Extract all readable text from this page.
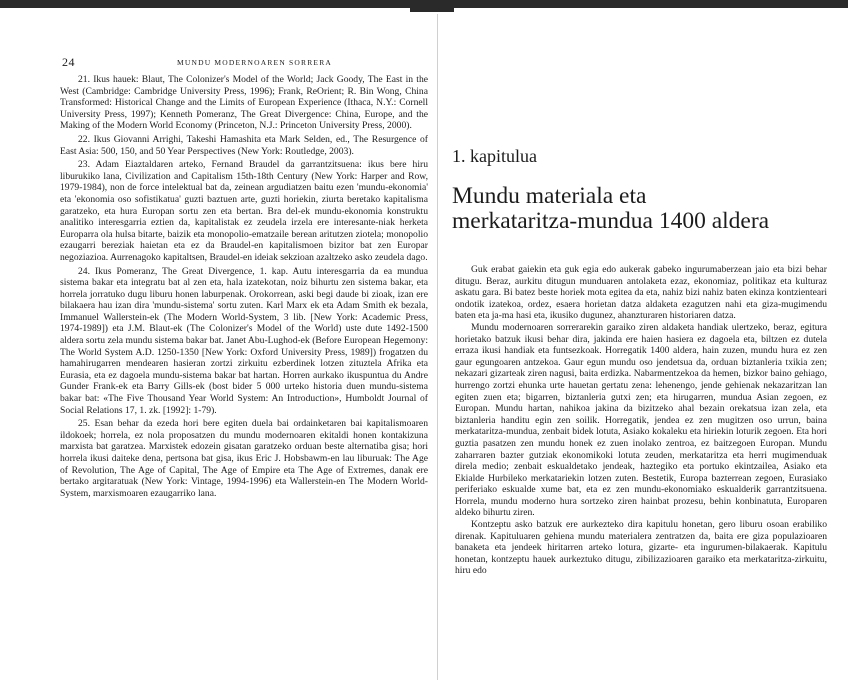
24	MUNDU MODERNOAREN SORRERA

21. Ikus hauek: Blaut, The Colonizer's Model of the World; Jack Goody, The East in the West (Cambridge: Cambridge University Press, 1996); Frank, ReOrient; R. Bin Wong, China Transformed: Historical Change and the Limits of European Experience (Ithaca, N.Y.: Cornell University Press, 1997); Kenneth Pomeranz, The Great Divergence: China, Europe, and the Making of the Modern World Economy (Princeton, N.J.: Princeton University Press, 2000).

22. Ikus Giovanni Arrighi, Takeshi Hamashita eta Mark Selden, ed., The Resurgence of East Asia: 500, 150, and 50 Year Perspectives (New York: Routledge, 2003).

23. Adam Eiaztaldaren arteko, Fernand Braudel da garrantzitsuena: ikus bere hiru liburukiko lana, Civilization and Capitalism 15th-18th Century (New York: Harper and Row, 1979-1984), non de force intelektual bat da, zeinean argudiatzen baitu ezen 'mundu-ekonomia' eta 'ekonomia oso sofistikatua' guzti baztuen arte, guzti horiekin, ziurta beretako kapitalisma garatzeko, eta hura Europan sortu zen eta bertan. Bra del-ek mundu-ekonomia konstruktu analitiko interesgarria eztien da, kapitalistak ez zeudela irzela ere interesante-niak herketa Europarra ola hulsa bitarte, baizik eta monopolio-ematzaile berean aritutzen ziotela; monopolio ezaugarri bereziak haietan eta ez da Braudel-en kapitalismoen bizitor bat zen Europar negoziazioa. Aurrenagoko kapitaltsen, Braudel-en ideiak sekzioan azaltzeko asko zeudela dago.

24. Ikus Pomeranz, The Great Divergence, 1. kap. Autu interesgarria da ea mundua sistema bakar eta integratu bat al zen eta, hala izatekotan, noiz bihurtu zen sistema bakar, eta horrela jorratuko dugu liburu honen laburpenak. Orokorrean, aski begi daude bi zioak, izan ere bilakaera hau izan dira 'mundu-sistema' sortu zuten. Karl Marx ek eta Adam Smith ek bezala, Immanuel Wallerstein-ek (The Modern World-System, 3 lib. [New York: Academic Press, 1974-1989]) eta J.M. Blaut-ek (The Colonizer's Model of the World) uste dute 1492-1500 aldera sortu zela mundu sistema bakar bat. Janet Abu-Lughod-ek (Before European Hegemony: The World System A.D. 1250-1350 [New York: Oxford University Press, 1989]) frogatzen du hamahirugarren mendearen hasieran zortzi zirkuitu ezberdinek lotzen zituztela Afrika eta Eurasia, eta ez dagoela mundu-sistema bakar bat hartan. Horren aurkako ikuspuntua du Andre Gunder Frank-ek eta Barry Gills-ek (bost bider 5 000 urteko historia duen mundu-sistema bakar bat: «The Five Thousand Year World System: An Introduction», Humboldt Journal of Social Relations 17, 1. zk. [1992]: 1-79).

25. Esan behar da ezeda hori bere egiten duela bai ordainketaren bai kapitalismoaren ildokoek; horrela, ez nola proposatzen du mundu modernoaren ekitaldi honen kontakizuna marxista bat garatzea. Marxistek edozein gisatan garatzeko orduan beste alternatiba gisa; hori horrela ikusi daiteke dena, pertsona bat gisa, ikus Eric J. Hobsbawm-en lau liburuak: The Age of Revolution, The Age of Capital, The Age of Empire eta The Age of Extremes, danak ere bertako argitaratuak (New York: Vintage, 1994-1996) eta Wallerstein-en The Modern World-System, marxismoaren ezaugarriko lana.

1. kapitulua
Mundu materiala eta
merkataritza-mundua 1400 aldera

Guk erabat gaiekin eta guk egia edo aukerak gabeko ingurumaberzean jaio eta bizi behar ditugu. Beraz, aurkitu ditugun munduaren antolaketa ezaz, ekonomiaz, politikaz eta kulturaz askatu gara. Bi batez beste horiek mota egitea da eta, nahiz bizi nahiz baten ekinza kontzienteari ondotik izatekoa, ordez, esaera horietan datza aldaketa ezagutzen nahi eta giza-mugimendu baten eta ja-ma hasi eta, ikusiko dugunez, ahanzturaren historiaren datza.

Mundu modernoaren sorrerarekin garaiko ziren aldaketa handiak ulertzeko, beraz, egitura horietako batzuk ikusi behar dira, jakinda ere haien hasiera ez dagoela eta, biltzen ez dutela erraza ikusi handiak eta funtsezkoak. Horregatik 1400 aldera, hain zuzen, mundu hura ez zen gaur egungoaren antzekoa. Gaur egun mundu oso jendetsua da, orduan biztanleria txikia zen; nekazari gizarteak ziren nagusi, baita erdizka. Nabarmentzekoa da hemen, bizkor baino gehiago, hurrengo zortzi ehunka urte hauetan gertatu zena: lehenengo, jende gehienak nekazaritzan lan egiten zuen eta; bigarren, biztanleria gutxi zen; eta hirugarren, mundua Asian zegoen, ez Europan. Mundu hartan, nahikoa jakina da bizitzeko ahal bezain orekatsua izan zela, eta biztanleria handitu egin zen soilik. Horregatik, jendea ez zen mugitzen oso urrun, baina merkataritza-mundua, zenbait bidek lotuta, Asiako kokaleku eta hiriekin loturik zegoen. Eta hori guztia pasatzen zen mundu honek ez zuen inolako zentroa, ez baitzegoen Europan. Mundu zaharraren bazter gutziak ekonomikoki lotuta zeuden, merkataritza eta herri mugimenduak direla medio; zenbait eskualdetako jendeak, haztegiko eta portuko ekintzailea, Asiako eta Ekialde Hurbileko merkatariekin lotzen zuten. Bestetik, Europa bazterrean zegoen, Eurasiako periferiako eskualde xume bat, eta ez zen mundu-ekonomiako eskualderik garrantzitsuena. Horrela, mundu moderno hura sortzeko ziren hainbat prozesu, behin konbinatuta, Europaren aldeko bihurtu ziren.

Kontzeptu asko batzuk ere aurkezteko dira kapitulu honetan, gero liburu osoan erabiliko direnak. Kapituluaren gehiena mundu materialera zentratzen da, baita ere giza populazioaren banaketa eta jendeek hiritarren arteko lotura, gizarte- eta ingurumen-bilakaerak. Kapitulu honetan, kontzeptu hauek aurkeztuko ditugu, zibilizazioaren garaiko eta merkataritza-zirkuitu, hiru edo
